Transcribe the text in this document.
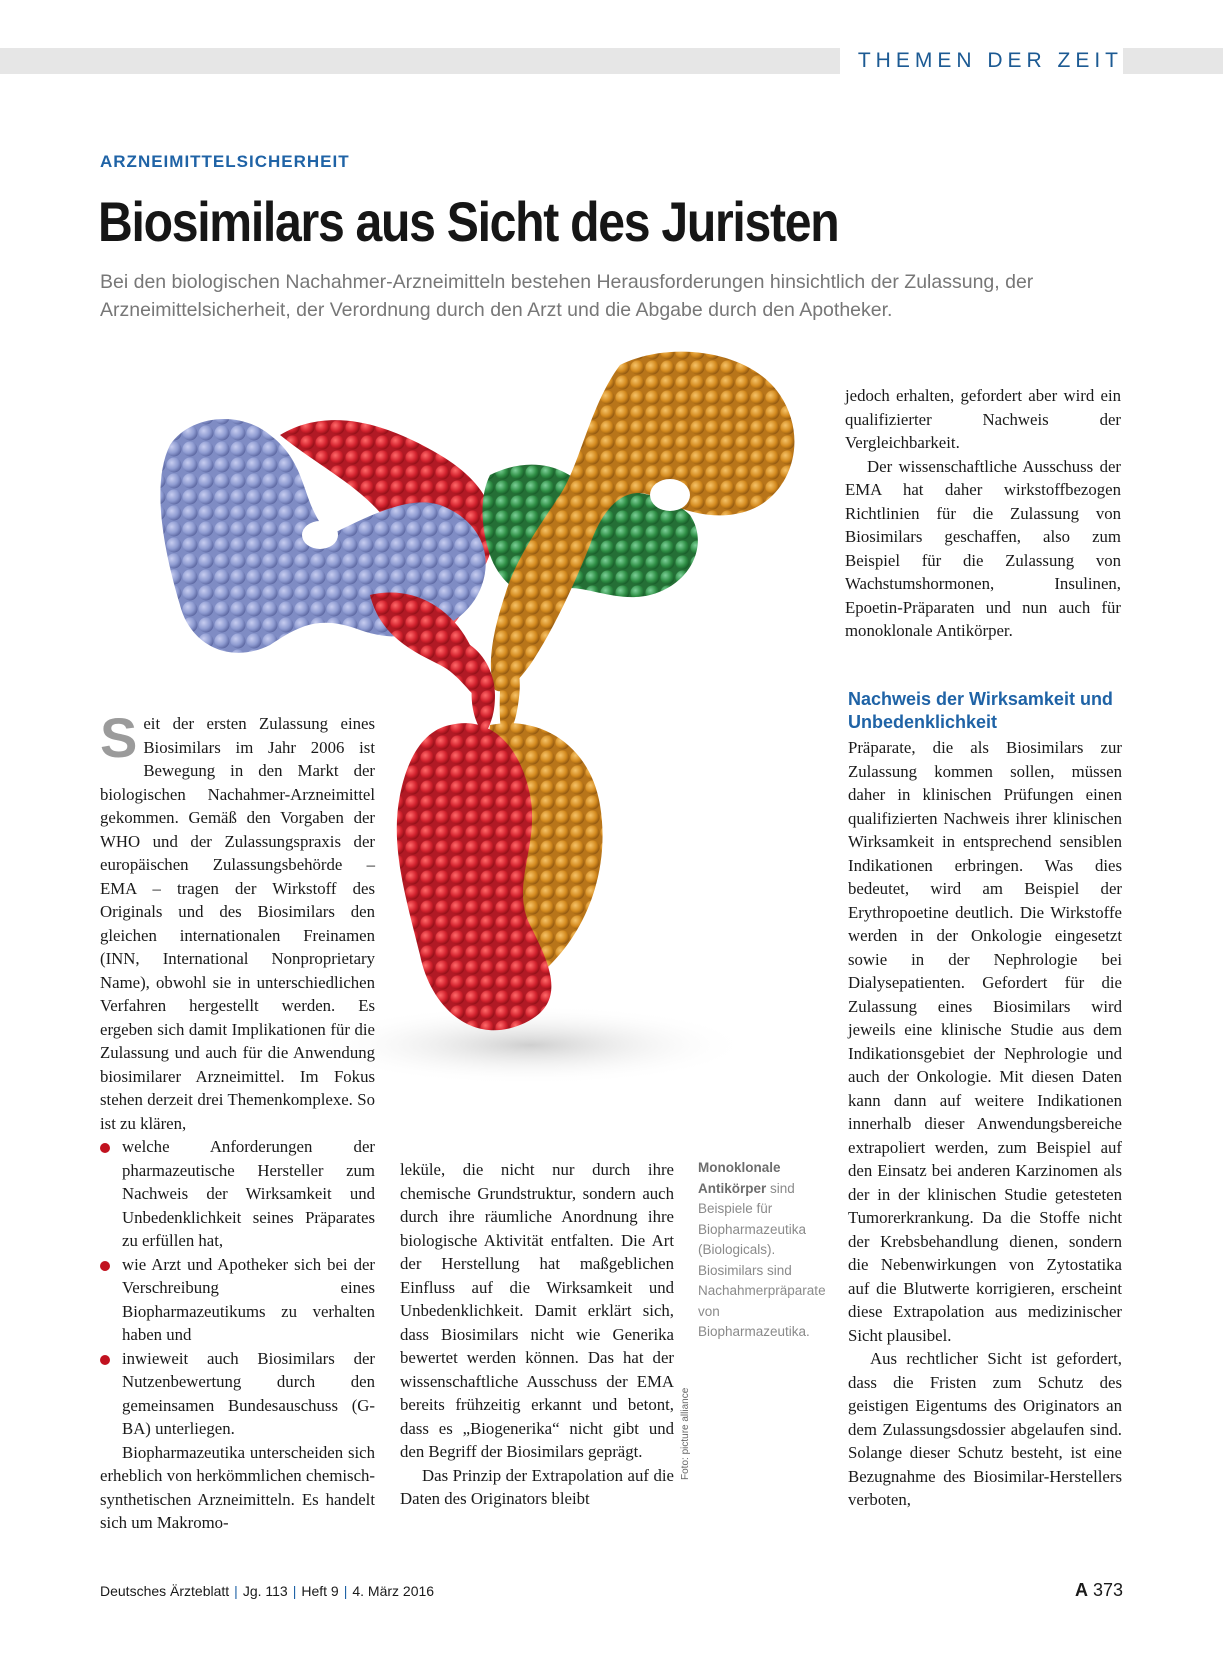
THEMEN DER ZEIT
ARZNEIMITTELSICHERHEIT
Biosimilars aus Sicht des Juristen

Bei den biologischen Nachahmer-Arzneimitteln bestehen Herausforderungen hinsichtlich der Zulassung, der Arzneimittelsicherheit, der Verordnung durch den Arzt und die Abgabe durch den Apotheker.

Foto: picture alliance

Seit der ersten Zulassung eines Biosimilars im Jahr 2006 ist Bewegung in den Markt der biologischen Nachahmer-Arzneimittel gekommen. Gemäß den Vorgaben der WHO und der Zulassungspraxis der europäischen Zulassungsbehörde – EMA – tragen der Wirkstoff des Originals und des Biosimilars den gleichen internationalen Freinamen (INN, International Nonproprietary Name), obwohl sie in unterschiedlichen Verfahren hergestellt werden. Es ergeben sich damit Implikationen für die Zulassung und auch für die Anwendung biosimilarer Arzneimittel. Im Fokus stehen derzeit drei Themenkomplexe. So ist zu klären,

welche Anforderungen der pharmazeutische Hersteller zum Nachweis der Wirksamkeit und Unbedenklichkeit seines Präparates zu erfüllen hat,
wie Arzt und Apotheker sich bei der Verschreibung eines Biopharmazeutikums zu verhalten haben und
inwieweit auch Biosimilars der Nutzenbewertung durch den gemeinsamen Bundesauschuss (G-BA) unterliegen.

Biopharmazeutika unterscheiden sich erheblich von herkömmlichen chemisch-synthetischen Arzneimitteln. Es handelt sich um Makromo-

leküle, die nicht nur durch ihre chemische Grundstruktur, sondern auch durch ihre räumliche Anordnung ihre biologische Aktivität entfalten. Die Art der Herstellung hat maßgeblichen Einfluss auf die Wirksamkeit und Unbedenklichkeit. Damit erklärt sich, dass Biosimilars nicht wie Generika bewertet werden können. Das hat der wissenschaftliche Ausschuss der EMA bereits frühzeitig erkannt und betont, dass es „Biogenerika“ nicht gibt und den Begriff der Biosimilars geprägt.

Das Prinzip der Extrapolation auf die Daten des Originators bleibt

Monoklonale Antikörper sind Beispiele für Biopharmazeutika (Biologicals). Biosimilars sind Nachahmerpräparate von Biopharmazeutika.

jedoch erhalten, gefordert aber wird ein qualifizierter Nachweis der Vergleichbarkeit.

Der wissenschaftliche Ausschuss der EMA hat daher wirkstoffbezogen Richtlinien für die Zulassung von Biosimilars geschaffen, also zum Beispiel für die Zulassung von Wachstumshormonen, Insulinen, Epoetin-Präparaten und nun auch für monoklonale Antikörper.

Nachweis der Wirksamkeit und Unbedenklichkeit

Präparate, die als Biosimilars zur Zulassung kommen sollen, müssen daher in klinischen Prüfungen einen qualifizierten Nachweis ihrer klinischen Wirksamkeit in entsprechend sensiblen Indikationen erbringen. Was dies bedeutet, wird am Beispiel der Erythropoetine deutlich. Die Wirkstoffe werden in der Onkologie eingesetzt sowie in der Nephrologie bei Dialysepatienten. Gefordert für die Zulassung eines Biosimilars wird jeweils eine klinische Studie aus dem Indikationsgebiet der Nephrologie und auch der Onkologie. Mit diesen Daten kann dann auf weitere Indikationen innerhalb dieser Anwendungsbereiche extrapoliert werden, zum Beispiel auf den Einsatz bei anderen Karzinomen als der in der klinischen Studie getesteten Tumorerkrankung. Da die Stoffe nicht der Krebsbehandlung dienen, sondern die Nebenwirkungen von Zytostatika auf die Blutwerte korrigieren, erscheint diese Extrapolation aus medizinischer Sicht plausibel.

Aus rechtlicher Sicht ist gefordert, dass die Fristen zum Schutz des geistigen Eigentums des Originators an dem Zulassungsdossier abgelaufen sind. Solange dieser Schutz besteht, ist eine Bezugnahme des Biosimilar-Herstellers verboten,

Deutsches Ärzteblatt | Jg. 113 | Heft 9 | 4. März 2016	A 373
